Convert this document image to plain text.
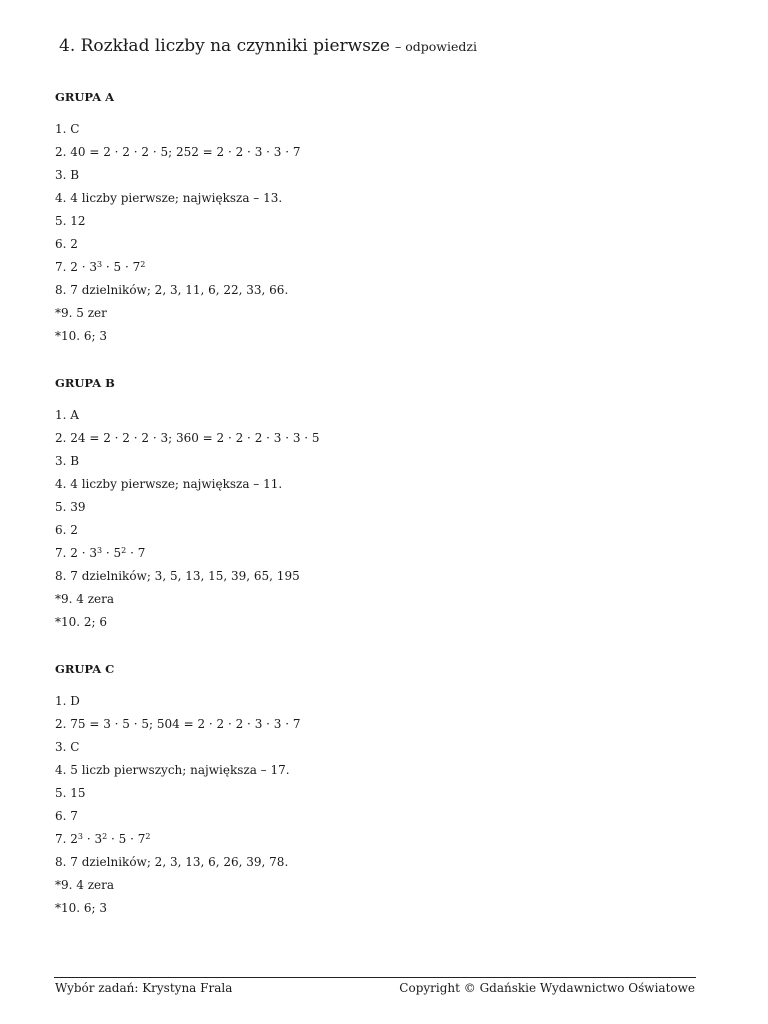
4. Rozkład liczby na czynniki pierwsze – odpowiedzi
GRUPA A
1. C
2. 40 = 2 · 2 · 2 · 5; 252 = 2 · 2 · 3 · 3 · 7
3. B
4. 4 liczby pierwsze; największa – 13.
5. 12
6. 2
7. $2 \cdot 3^3 \cdot 5 \cdot 7^2$
8. 7 dzielników; 2, 3, 11, 6, 22, 33, 66.
*9. 5 zer
*10. 6; 3
GRUPA B
1. A
2. 24 = 2 · 2 · 2 · 3; 360 = 2 · 2 · 2 · 3 · 3 · 5
3. B
4. 4 liczby pierwsze; największa – 11.
5. 39
6. 2
7. $2 \cdot 3^3 \cdot 5^2 \cdot 7$
8. 7 dzielników; 3, 5, 13, 15, 39, 65, 195
*9. 4 zera
*10. 2; 6
GRUPA C
1. D
2. 75 = 3 · 5 · 5; 504 = 2 · 2 · 2 · 3 · 3 · 7
3. C
4. 5 liczb pierwszych; największa – 17.
5. 15
6. 7
7. $2^3 \cdot 3^2 \cdot 5 \cdot 7^2$
8. 7 dzielników; 2, 3, 13, 6, 26, 39, 78.
*9. 4 zera
*10. 6; 3
Wybór zadań: Krystyna Frala	Copyright © Gdańskie Wydawnictwo Oświatowe
